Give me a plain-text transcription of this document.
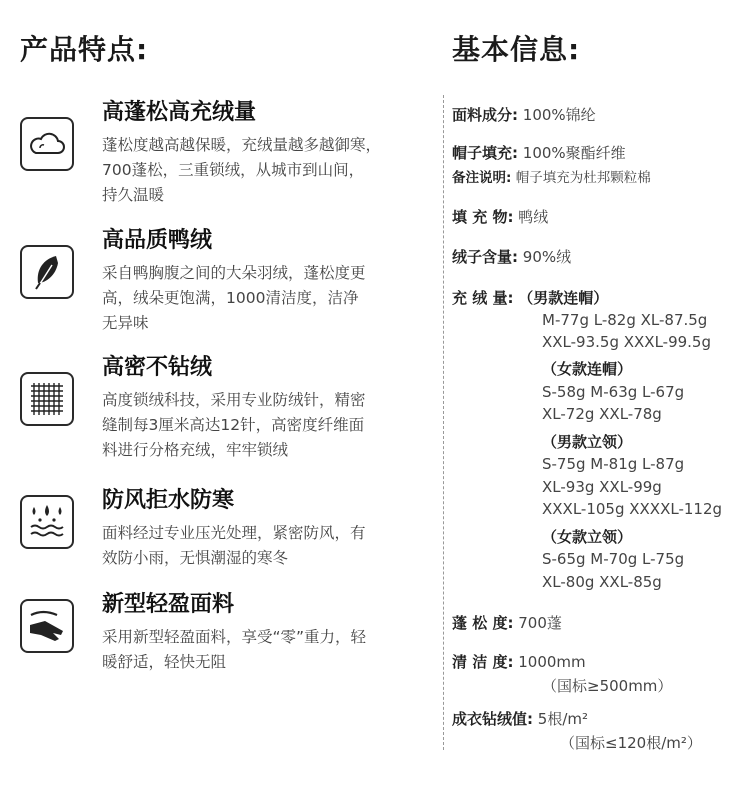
产品特点:	基本信息:
高蓬松高充绒量
蓬松度越高越保暖，充绒量越多越御寒，
700蓬松，三重锁绒，从城市到山间，
持久温暖
高品质鸭绒
采自鸭胸腹之间的大朵羽绒，蓬松度更
高，绒朵更饱满，1000清洁度，洁净
无异味
高密不钻绒
高度锁绒科技，采用专业防绒针，精密
缝制每3厘米高达12针，高密度纤维面
料进行分格充绒，牢牢锁绒
防风拒水防寒
面料经过专业压光处理，紧密防风，有
效防小雨，无惧潮湿的寒冬
新型轻盈面料
采用新型轻盈面料，享受“零”重力，轻
暖舒适，轻快无阻
面料成分: 100%锦纶
帽子填充: 100%聚酯纤维
备注说明: 帽子填充为杜邦颗粒棉
填 充 物: 鸭绒
绒子含量: 90%绒
充 绒 量: （男款连帽）
M-77g L-82g XL-87.5g
XXL-93.5g XXXL-99.5g
（女款连帽）
S-58g M-63g L-67g
XL-72g XXL-78g
（男款立领）
S-75g M-81g L-87g
XL-93g XXL-99g
XXXL-105g XXXXL-112g
（女款立领）
S-65g M-70g L-75g
XL-80g XXL-85g
蓬 松 度: 700蓬
清 洁 度: 1000mm
（国标≥500mm）
成衣钻绒值: 5根/m²
（国标≤120根/m²）
